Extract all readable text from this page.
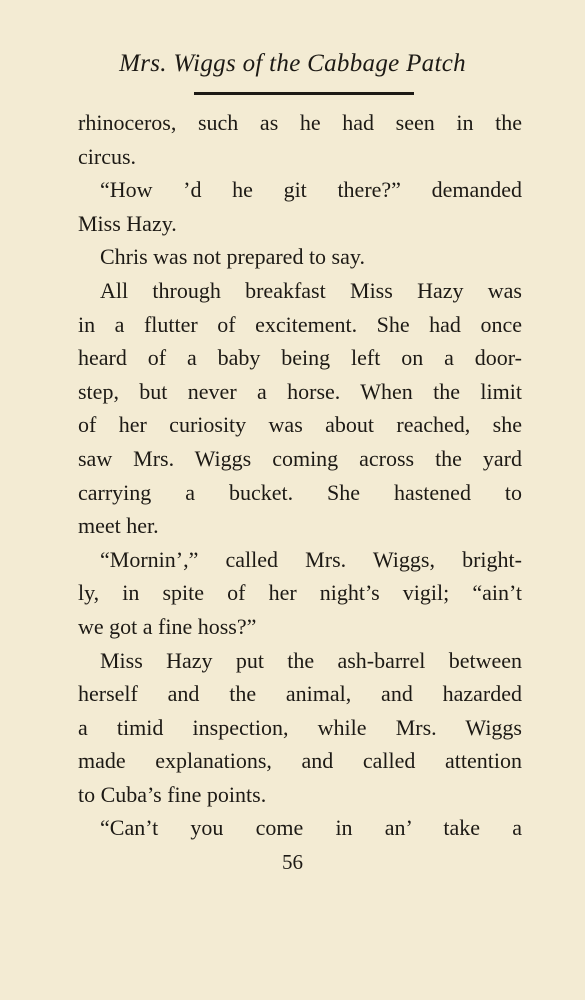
Mrs. Wiggs of the Cabbage Patch
rhinoceros, such as he had seen in the
circus.
“How ’d he git there?” demanded
Miss Hazy.
Chris was not prepared to say.
All through breakfast Miss Hazy was
in a flutter of excitement. She had once
heard of a baby being left on a door-
step, but never a horse. When the limit
of her curiosity was about reached, she
saw Mrs. Wiggs coming across the yard
carrying a bucket. She hastened to
meet her.
“Mornin’,” called Mrs. Wiggs, bright-
ly, in spite of her night’s vigil; “ain’t
we got a fine hoss?”
Miss Hazy put the ash-barrel between
herself and the animal, and hazarded
a timid inspection, while Mrs. Wiggs
made explanations, and called attention
to Cuba’s fine points.
“Can’t you come in an’ take a
56
